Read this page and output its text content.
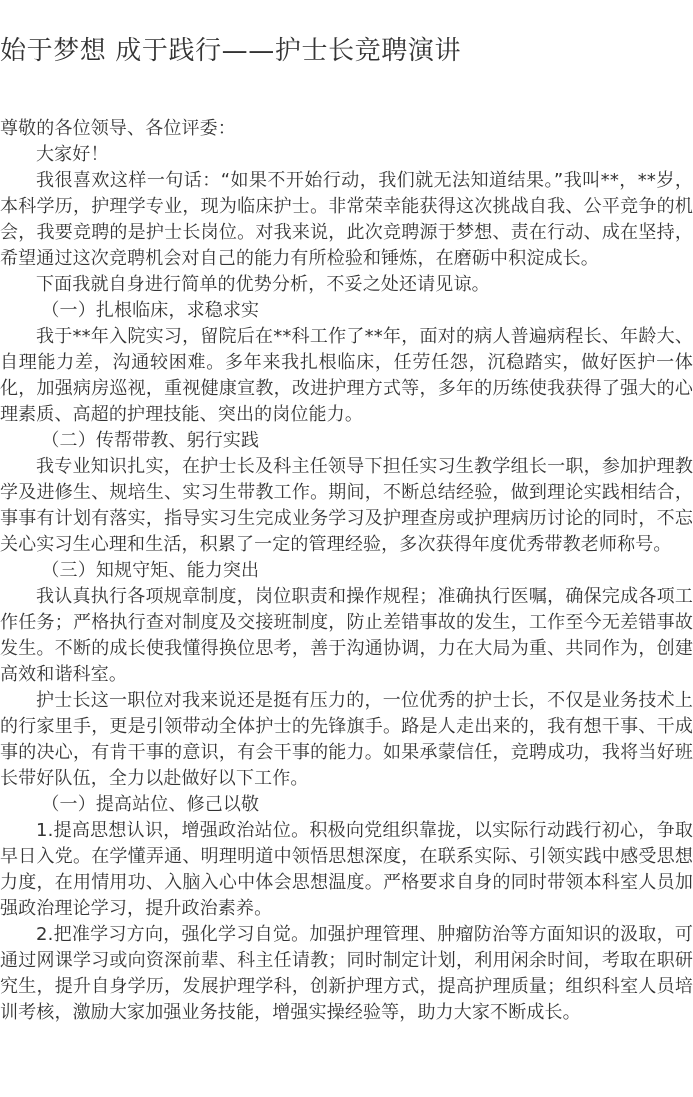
始于梦想 成于践行——护士长竞聘演讲

尊敬的各位领导、各位评委：

大家好！

我很喜欢这样一句话：“如果不开始行动，我们就无法知道结果。”我叫**，**岁，本科学历，护理学专业，现为临床护士。非常荣幸能获得这次挑战自我、公平竞争的机会，我要竞聘的是护士长岗位。对我来说，此次竞聘源于梦想、责在行动、成在坚持，希望通过这次竞聘机会对自己的能力有所检验和锤炼，在磨砺中积淀成长。

下面我就自身进行简单的优势分析，不妥之处还请见谅。

（一）扎根临床，求稳求实

我于**年入院实习，留院后在**科工作了**年，面对的病人普遍病程长、年龄大、自理能力差，沟通较困难。多年来我扎根临床，任劳任怨，沉稳踏实，做好医护一体化，加强病房巡视，重视健康宣教，改进护理方式等，多年的历练使我获得了强大的心理素质、高超的护理技能、突出的岗位能力。

（二）传帮带教、躬行实践

我专业知识扎实，在护士长及科主任领导下担任实习生教学组长一职，参加护理教学及进修生、规培生、实习生带教工作。期间，不断总结经验，做到理论实践相结合，事事有计划有落实，指导实习生完成业务学习及护理查房或护理病历讨论的同时，不忘关心实习生心理和生活，积累了一定的管理经验，多次获得年度优秀带教老师称号。

（三）知规守矩、能力突出

我认真执行各项规章制度，岗位职责和操作规程；准确执行医嘱，确保完成各项工作任务；严格执行查对制度及交接班制度，防止差错事故的发生，工作至今无差错事故发生。不断的成长使我懂得换位思考，善于沟通协调，力在大局为重、共同作为，创建高效和谐科室。

护士长这一职位对我来说还是挺有压力的，一位优秀的护士长，不仅是业务技术上的行家里手，更是引领带动全体护士的先锋旗手。路是人走出来的，我有想干事、干成事的决心，有肯干事的意识，有会干事的能力。如果承蒙信任，竞聘成功，我将当好班长带好队伍，全力以赴做好以下工作。

（一）提高站位、修己以敬

1.提高思想认识，增强政治站位。积极向党组织靠拢，以实际行动践行初心，争取早日入党。在学懂弄通、明理明道中领悟思想深度，在联系实际、引领实践中感受思想力度，在用情用功、入脑入心中体会思想温度。严格要求自身的同时带领本科室人员加强政治理论学习，提升政治素养。

2.把准学习方向，强化学习自觉。加强护理管理、肿瘤防治等方面知识的汲取，可通过网课学习或向资深前辈、科主任请教；同时制定计划，利用闲余时间，考取在职研究生，提升自身学历，发展护理学科，创新护理方式，提高护理质量；组织科室人员培训考核，激励大家加强业务技能，增强实操经验等，助力大家不断成长。
